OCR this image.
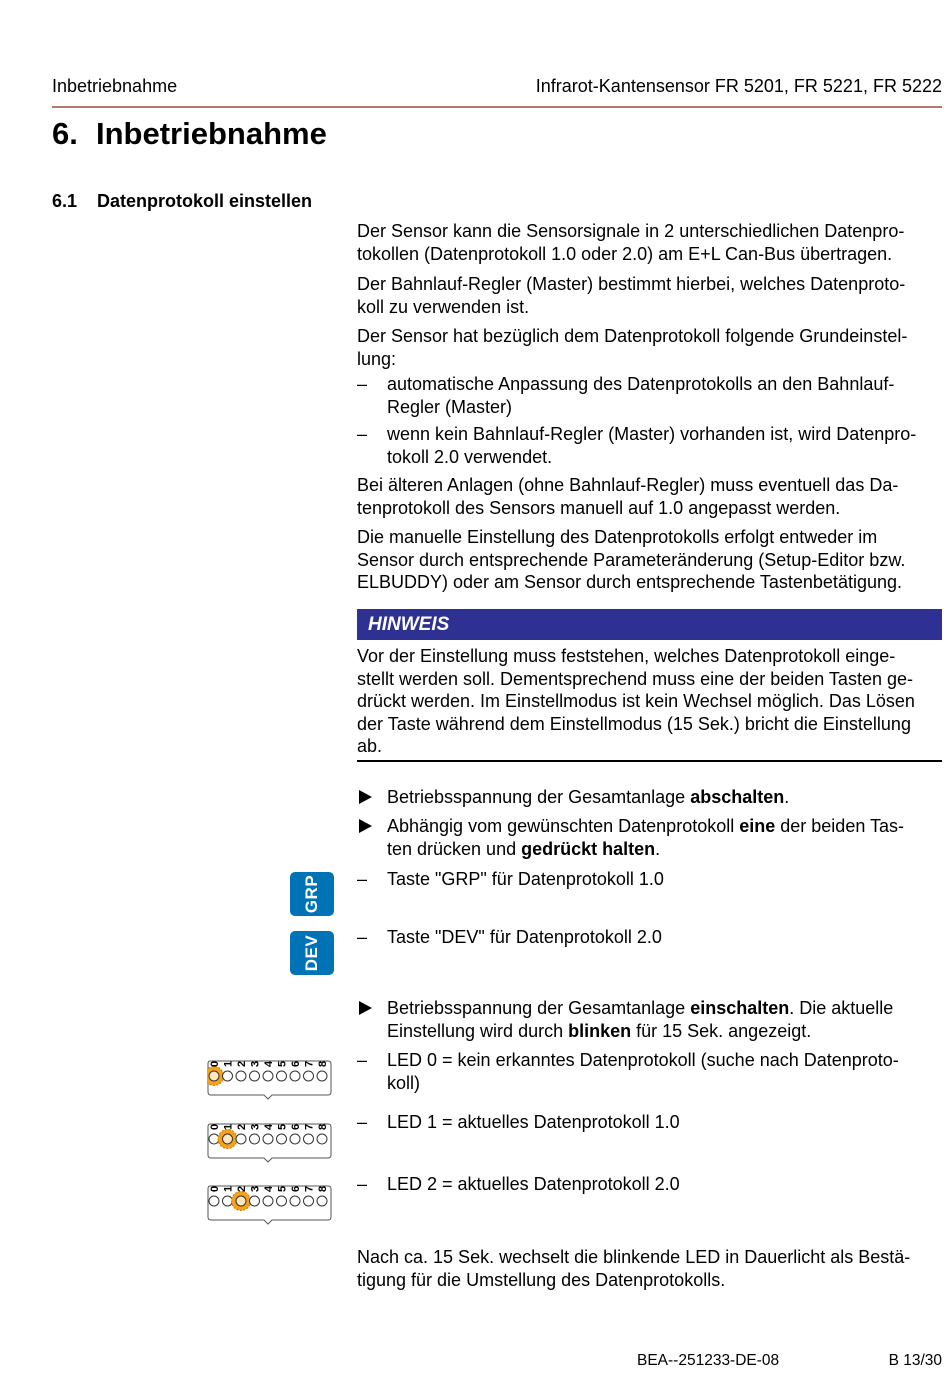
Inbetriebnahme	Infrarot-Kantensensor FR 5201, FR 5221, FR 5222
6. Inbetriebnahme
6.1 Datenprotokoll einstellen

Der Sensor kann die Sensorsignale in 2 unterschiedlichen Datenpro-
tokollen (Datenprotokoll 1.0 oder 2.0) am E+L Can-Bus übertragen.

Der Bahnlauf-Regler (Master) bestimmt hierbei, welches Datenproto-
koll zu verwenden ist.

Der Sensor hat bezüglich dem Datenprotokoll folgende Grundeinstel-
lung:

– automatische Anpassung des Datenprotokolls an den Bahnlauf-
Regler (Master)
– wenn kein Bahnlauf-Regler (Master) vorhanden ist, wird Datenpro-
tokoll 2.0 verwendet.

Bei älteren Anlagen (ohne Bahnlauf-Regler) muss eventuell das Da-
tenprotokoll des Sensors manuell auf 1.0 angepasst werden.

Die manuelle Einstellung des Datenprotokolls erfolgt entweder im
Sensor durch entsprechende Parameteränderung (Setup-Editor bzw.
ELBUDDY) oder am Sensor durch entsprechende Tastenbetätigung.

HINWEIS

Vor der Einstellung muss feststehen, welches Datenprotokoll einge-
stellt werden soll. Dementsprechend muss eine der beiden Tasten ge-
drückt werden. Im Einstellmodus ist kein Wechsel möglich. Das Lösen
der Taste während dem Einstellmodus (15 Sek.) bricht die Einstellung
ab.

Betriebsspannung der Gesamtanlage abschalten.
Abhängig vom gewünschten Datenprotokoll eine der beiden Tas-
ten drücken und gedrückt halten.
GRP
DEV
– Taste "GRP" für Datenprotokoll 1.0
– Taste "DEV" für Datenprotokoll 2.0
Betriebsspannung der Gesamtanlage einschalten. Die aktuelle
Einstellung wird durch blinken für 15 Sek. angezeigt.
0 1 2 3 4 5 6 7 8
0 1 2 3 4 5 6 7 8
0 1 2 3 4 5 6 7 8
– LED 0 = kein erkanntes Datenprotokoll (suche nach Datenproto-
koll)
– LED 1 = aktuelles Datenprotokoll 1.0
– LED 2 = aktuelles Datenprotokoll 2.0

Nach ca. 15 Sek. wechselt die blinkende LED in Dauerlicht als Bestä-
tigung für die Umstellung des Datenprotokolls.

BEA--251233-DE-08	B 13/30
